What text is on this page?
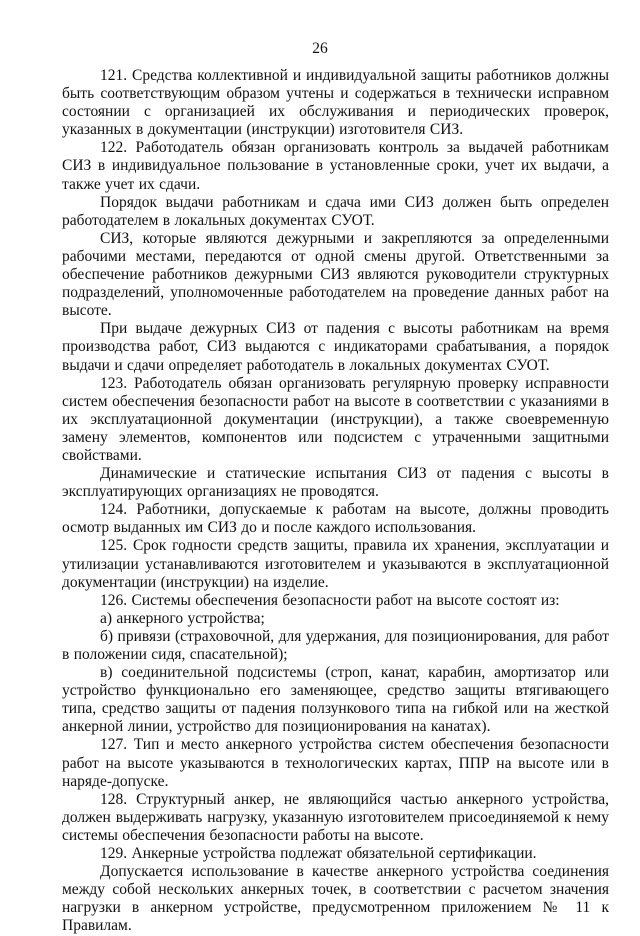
26

121. Средства коллективной и индивидуальной защиты работников должны быть соответствующим образом учтены и содержаться в технически исправном состоянии с организацией их обслуживания и периодических проверок, указанных в документации (инструкции) изготовителя СИЗ.

122. Работодатель обязан организовать контроль за выдачей работникам СИЗ в индивидуальное пользование в установленные сроки, учет их выдачи, а также учет их сдачи.

Порядок выдачи работникам и сдача ими СИЗ должен быть определен работодателем в локальных документах СУОТ.

СИЗ, которые являются дежурными и закрепляются за определенными рабочими местами, передаются от одной смены другой. Ответственными за обеспечение работников дежурными СИЗ являются руководители структурных подразделений, уполномоченные работодателем на проведение данных работ на высоте.

При выдаче дежурных СИЗ от падения с высоты работникам на время производства работ, СИЗ выдаются с индикаторами срабатывания, а порядок выдачи и сдачи определяет работодатель в локальных документах СУОТ.

123. Работодатель обязан организовать регулярную проверку исправности систем обеспечения безопасности работ на высоте в соответствии с указаниями в их эксплуатационной документации (инструкции), а также своевременную замену элементов, компонентов или подсистем с утраченными защитными свойствами.

Динамические и статические испытания СИЗ от падения с высоты в эксплуатирующих организациях не проводятся.

124. Работники, допускаемые к работам на высоте, должны проводить осмотр выданных им СИЗ до и после каждого использования.

125. Срок годности средств защиты, правила их хранения, эксплуатации и утилизации устанавливаются изготовителем и указываются в эксплуатационной документации (инструкции) на изделие.

126. Системы обеспечения безопасности работ на высоте состоят из:

а) анкерного устройства;

б) привязи (страховочной, для удержания, для позиционирования, для работ в положении сидя, спасательной);

в) соединительной подсистемы (строп, канат, карабин, амортизатор или устройство функционально его заменяющее, средство защиты втягивающего типа, средство защиты от падения ползункового типа на гибкой или на жесткой анкерной линии, устройство для позиционирования на канатах).

127. Тип и место анкерного устройства систем обеспечения безопасности работ на высоте указываются в технологических картах, ППР на высоте или в наряде-допуске.

128. Структурный анкер, не являющийся частью анкерного устройства, должен выдерживать нагрузку, указанную изготовителем присоединяемой к нему системы обеспечения безопасности работы на высоте.

129. Анкерные устройства подлежат обязательной сертификации.

Допускается использование в качестве анкерного устройства соединения между собой нескольких анкерных точек, в соответствии с расчетом значения нагрузки в анкерном устройстве, предусмотренном приложением № 11 к Правилам.
